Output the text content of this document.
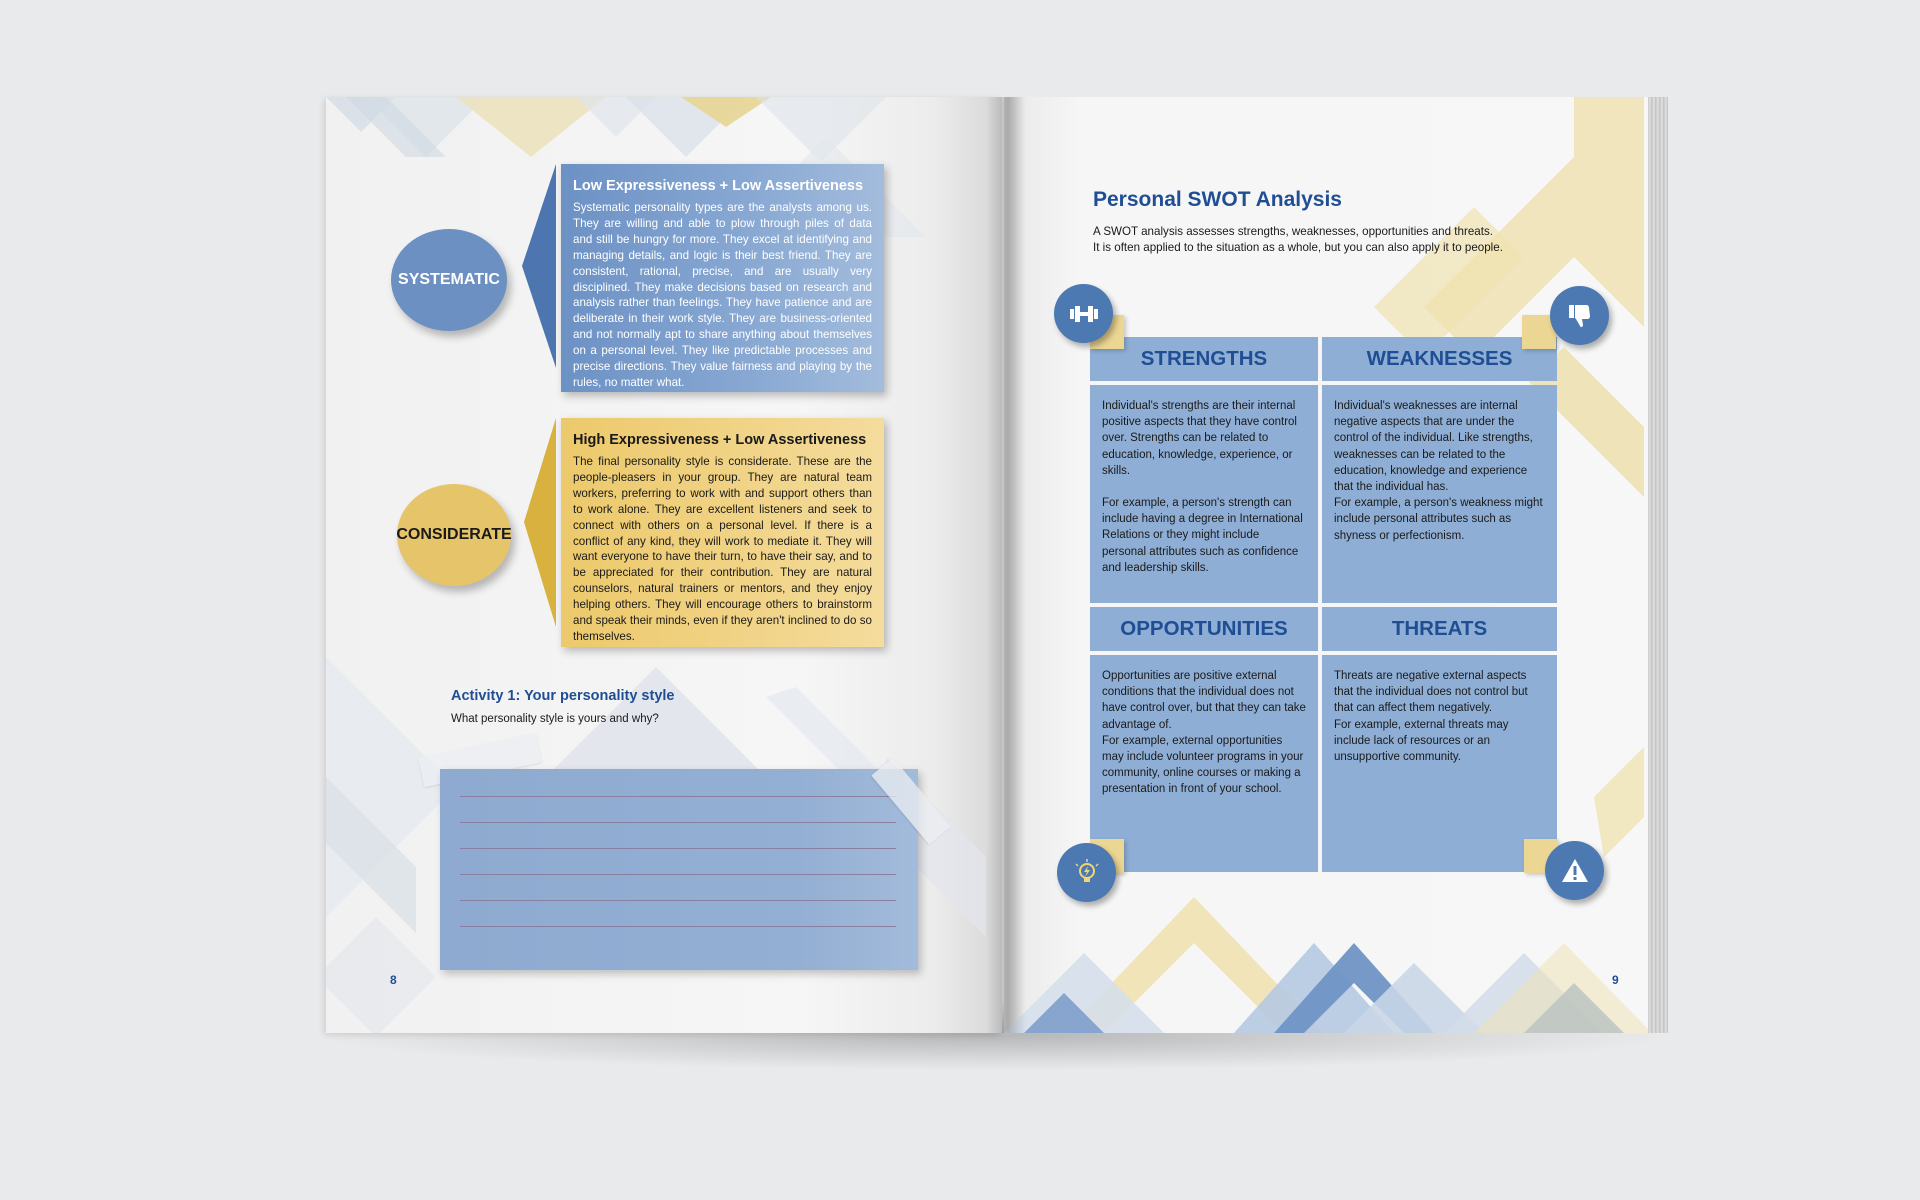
SYSTEMATIC
Low Expressiveness + Low Assertiveness

Systematic personality types are the analysts among us. They are willing and able to plow through piles of data and still be hungry for more. They excel at identifying and managing details, and logic is their best friend. They are consistent, rational, precise, and are usually very disciplined. They make decisions based on research and analysis rather than feelings. They have patience and are deliberate in their work style. They are business-oriented and not normally apt to share anything about themselves on a personal level. They like predictable processes and precise directions. They value fairness and playing by the rules, no matter what.

CONSIDERATE
High Expressiveness + Low Assertiveness

The final personality style is considerate. These are the people-pleasers in your group. They are natural team workers, preferring to work with and support others than to work alone. They are excellent listeners and seek to connect with others on a personal level. If there is a conflict of any kind, they will work to mediate it. They will want everyone to have their turn, to have their say, and to be appreciated for their contribution. They are natural counselors, natural trainers or mentors, and they enjoy helping others. They will encourage others to brainstorm and speak their minds, even if they aren't inclined to do so themselves.

Activity 1: Your personality style

What personality style is yours and why?

8

Personal SWOT Analysis
A SWOT analysis assesses strengths, weaknesses, opportunities and threats.
It is often applied to the situation as a whole, but you can also apply it to people.
STRENGTHS

Individual's strengths are their internal positive aspects that they have control over. Strengths can be related to education, knowledge, experience, or skills.

For example, a person's strength can include having a degree in International Relations or they might include personal attributes such as confidence and leadership skills.

WEAKNESSES

Individual's weaknesses are internal negative aspects that are under the control of the individual. Like strengths, weaknesses can be related to the education, knowledge and experience that the individual has.

For example, a person's weakness might include personal attributes such as shyness or perfectionism.

OPPORTUNITIES

Opportunities are positive external conditions that the individual does not have control over, but that they can take advantage of.

For example, external opportunities may include volunteer programs in your community, online courses or making a presentation in front of your school.

THREATS

Threats are negative external aspects that the individual does not control but that can affect them negatively.

For example, external threats may include lack of resources or an unsupportive community.

9
